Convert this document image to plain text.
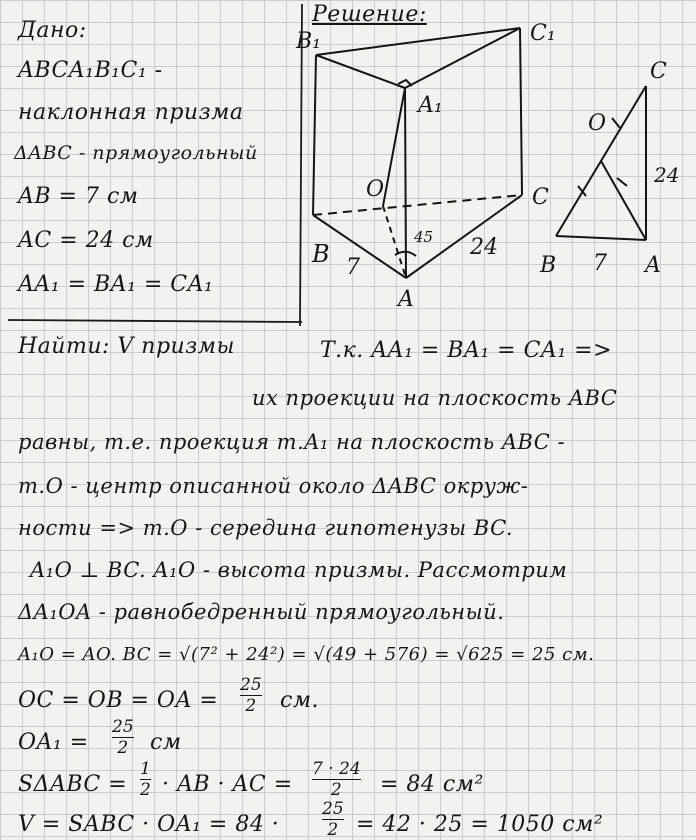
Дано:
ABCA₁B₁C₁ -
наклонная призма
ΔABC - прямоугольный
AB = 7 см
AC = 24 см
AA₁ = BA₁ = CA₁
Решение:
B₁	C₁
A₁
O
B
C
A
7
24
45
C
O
B	A
7
24
Найти: V призмы	Т.к. AA₁ = BA₁ = CA₁ =>
их проекции на плоскость ABC
равны, т.е. проекция т.A₁ на плоскость ABC -
т.O - центр описанной около ΔABC окруж-
ности => т.O - середина гипотенузы BC.
A₁O ⊥ BC. A₁O - высота призмы. Рассмотрим
ΔA₁OA - равнобедренный прямоугольный.
A₁O = AO. BC = √(7² + 24²) = √(49 + 576) = √625 = 25 см.
OC = OB = OA =
25
2 см.
OA₁ =
25
2 см
SΔABC =
1
2 · AB · AC =
7 · 24
2 = 84 см²
V = SABC · OA₁ = 84 ·
25
2 = 42 · 25 = 1050 см²
